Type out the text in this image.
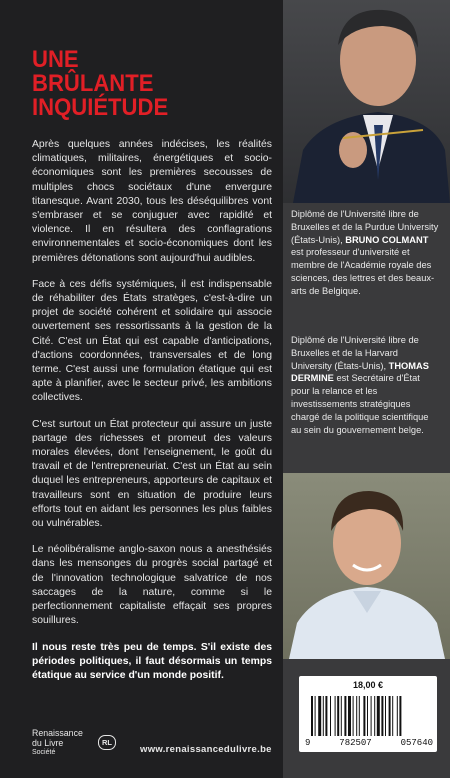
UNE
BRÛLANTE
INQUIÉTUDE

Après quelques années indécises, les réalités climatiques, militaires, énergétiques et socio-économiques sont les premières secousses de multiples chocs sociétaux d'une envergure titanesque. Avant 2030, tous les déséquilibres vont s'embraser et se conjuguer avec rapidité et violence. Il en résultera des conflagrations environnementales et socio-économiques dont les premières détonations sont aujourd'hui audibles.

Face à ces défis systémiques, il est indispensable de réhabiliter des États stratèges, c'est-à-dire un projet de société cohérent et solidaire qui associe ouvertement ses ressortissants à la gestion de la Cité. C'est un État qui est capable d'anticipations, d'actions coordonnées, transversales et de long terme. C'est aussi une formulation étatique qui est apte à planifier, avec le secteur privé, les ambitions collectives.

C'est surtout un État protecteur qui assure un juste partage des richesses et promeut des valeurs morales élevées, dont l'enseignement, le goût du travail et de l'entrepreneuriat. C'est un État au sein duquel les entrepreneurs, apporteurs de capitaux et travailleurs sont en situation de produire leurs efforts tout en aidant les personnes les plus faibles ou vulnérables.

Le néolibéralisme anglo-saxon nous a anesthésiés dans les mensonges du progrès social partagé et de l'innovation technologique salvatrice de nos saccages de la nature, comme si le perfectionnement capitaliste effaçait ses propres souillures.

Il nous reste très peu de temps. S'il existe des périodes politiques, il faut désormais un temps étatique au service d'un monde positif.

Diplômé de l'Université libre de Bruxelles et de la Purdue University (États-Unis), BRUNO COLMANT est professeur d'université et membre de l'Académie royale des sciences, des lettres et des beaux-arts de Belgique.
Diplômé de l'Université libre de Bruxelles et de la Harvard University (États-Unis), THOMAS DERMINE est Secrétaire d'État pour la relance et les investissements stratégiques chargé de la politique scientifique au sein du gouvernement belge.
18,00 €
9	782507	057640
Renaissance
du Livre
Société
RL
www.renaissancedulivre.be
